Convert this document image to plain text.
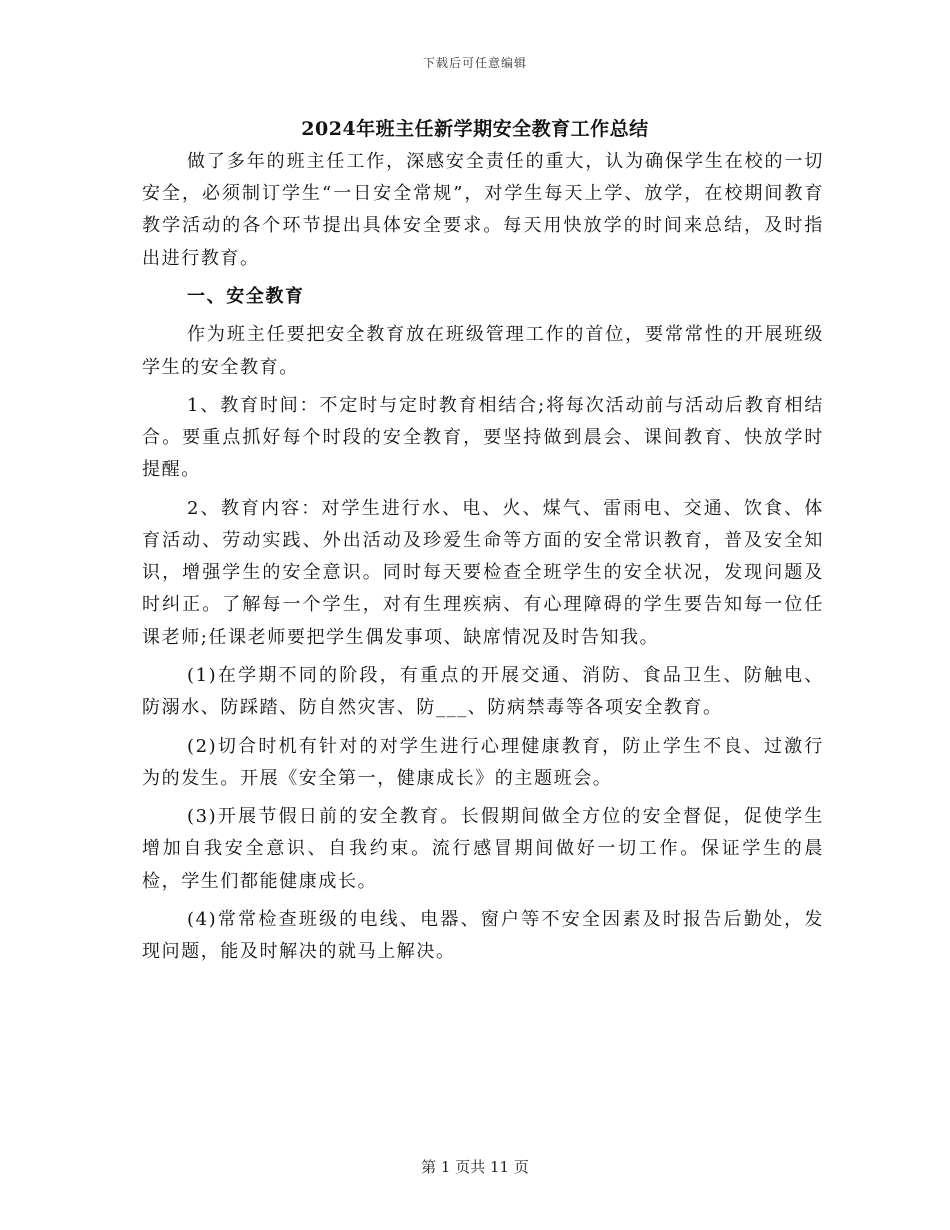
下载后可任意编辑
2024年班主任新学期安全教育工作总结

做了多年的班主任工作，深感安全责任的重大，认为确保学生在校的一切安全，必须制订学生“一日安全常规”，对学生每天上学、放学，在校期间教育教学活动的各个环节提出具体安全要求。每天用快放学的时间来总结，及时指出进行教育。

一、安全教育

作为班主任要把安全教育放在班级管理工作的首位，要常常性的开展班级学生的安全教育。

1、教育时间：不定时与定时教育相结合;将每次活动前与活动后教育相结合。要重点抓好每个时段的安全教育，要坚持做到晨会、课间教育、快放学时提醒。

2、教育内容：对学生进行水、电、火、煤气、雷雨电、交通、饮食、体育活动、劳动实践、外出活动及珍爱生命等方面的安全常识教育，普及安全知识，增强学生的安全意识。同时每天要检查全班学生的安全状况，发现问题及时纠正。了解每一个学生，对有生理疾病、有心理障碍的学生要告知每一位任课老师;任课老师要把学生偶发事项、缺席情况及时告知我。

(1)在学期不同的阶段，有重点的开展交通、消防、食品卫生、防触电、防溺水、防踩踏、防自然灾害、防___、防病禁毒等各项安全教育。

(2)切合时机有针对的对学生进行心理健康教育，防止学生不良、过激行为的发生。开展《安全第一，健康成长》的主题班会。

(3)开展节假日前的安全教育。长假期间做全方位的安全督促，促使学生增加自我安全意识、自我约束。流行感冒期间做好一切工作。保证学生的晨检，学生们都能健康成长。

(4)常常检查班级的电线、电器、窗户等不安全因素及时报告后勤处，发现问题，能及时解决的就马上解决。

第 1 页共 11 页
